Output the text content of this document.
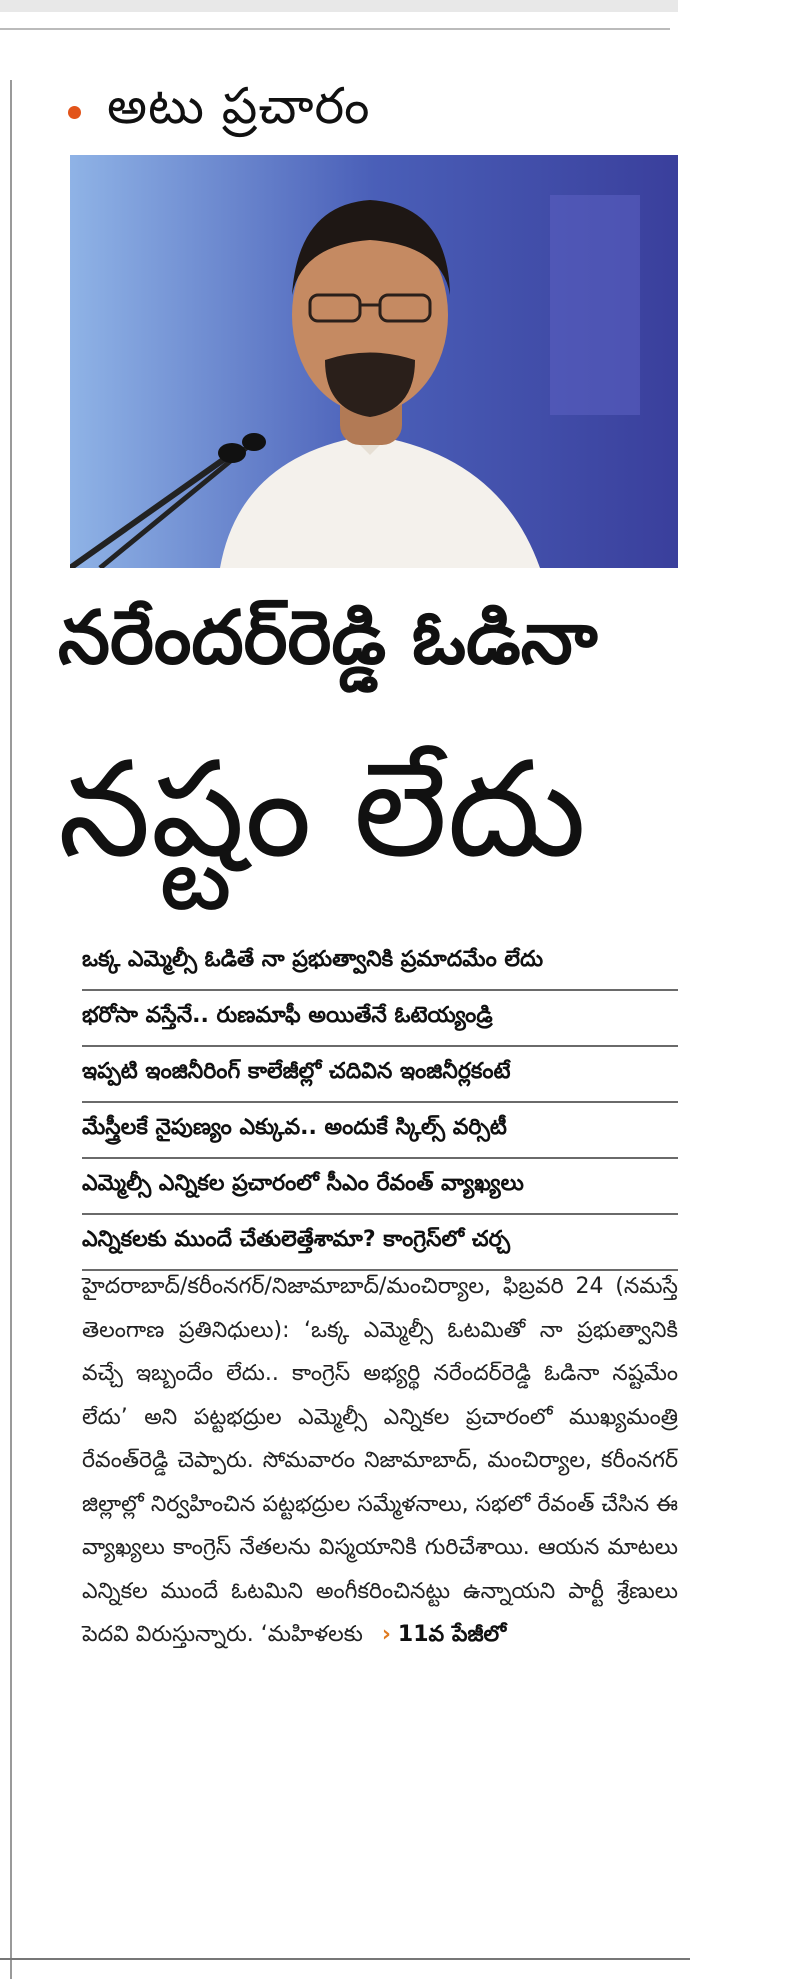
అటు ప్రచారం
నరేందర్‌రెడ్డి ఓడినా
నష్టం లేదు
ఒక్క ఎమ్మెల్సీ ఓడితే నా ప్రభుత్వానికి ప్రమాదమేం లేదు
భరోసా వస్తేనే.. రుణమాఫీ అయితేనే ఓటెయ్యండ్రి
ఇప్పటి ఇంజినీరింగ్ కాలేజీల్లో చదివిన ఇంజినీర్లకంటే
మేస్త్రీలకే నైపుణ్యం ఎక్కువ.. అందుకే స్కిల్స్ వర్సిటీ
ఎమ్మెల్సీ ఎన్నికల ప్రచారంలో సీఎం రేవంత్ వ్యాఖ్యలు
ఎన్నికలకు ముందే చేతులెత్తేశామా? కాంగ్రెస్‌లో చర్చ
హైదరాబాద్/కరీంనగర్/నిజామాబాద్/మంచిర్యాల, ఫిబ్రవరి 24 (నమస్తే తెలంగాణ ప్రతినిధులు): ‘ఒక్క ఎమ్మెల్సీ ఓటమితో నా ప్రభుత్వానికి వచ్చే ఇబ్బందేం లేదు.. కాంగ్రెస్ అభ్యర్థి నరేందర్‌రెడ్డి ఓడినా నష్టమేం లేదు’ అని పట్టభద్రుల ఎమ్మెల్సీ ఎన్నికల ప్రచారంలో ముఖ్యమంత్రి రేవంత్‌రెడ్డి చెప్పారు. సోమవారం నిజామాబాద్, మంచిర్యాల, కరీంనగర్ జిల్లాల్లో నిర్వహించిన పట్టభద్రుల సమ్మేళనాలు, సభలో రేవంత్ చేసిన ఈ వ్యాఖ్యలు కాంగ్రెస్ నేతలను విస్మయానికి గురిచేశాయి. ఆయన మాటలు ఎన్నికల ముందే ఓటమిని అంగీకరించినట్టు ఉన్నాయని పార్టీ శ్రేణులు పెదవి విరుస్తున్నారు. ‘మహిళలకు › 11వ పేజీలో
